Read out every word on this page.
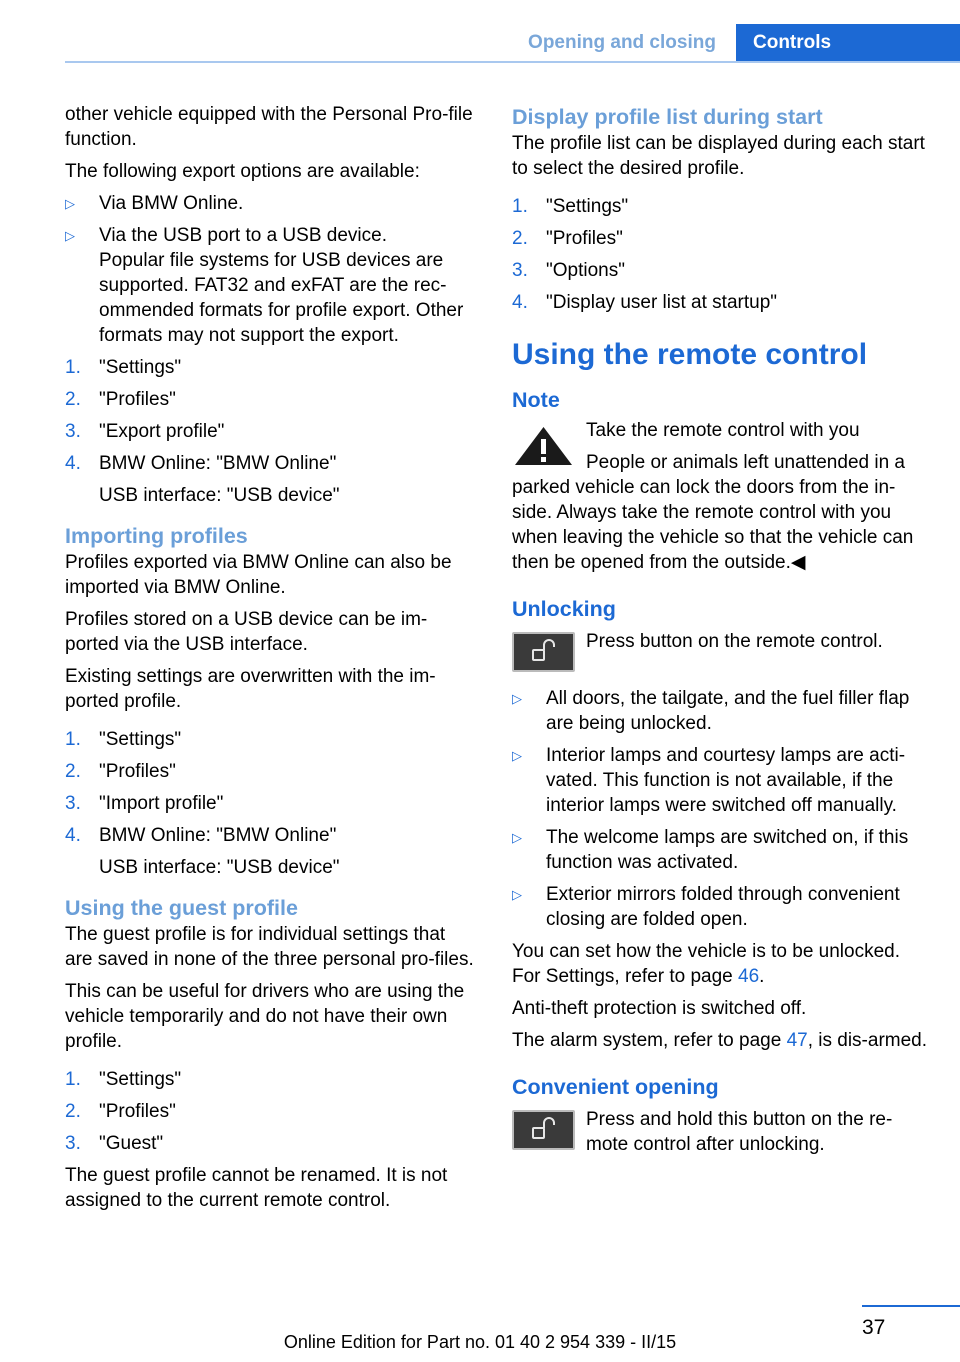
Opening and closing	Controls

other vehicle equipped with the Personal Pro‐file function.

The following export options are available:

▷	Via BMW Online.
▷	Via the USB port to a USB device.
Popular file systems for USB devices are supported. FAT32 and exFAT are the rec‐ommended formats for profile export. Other formats may not support the export.
1. "Settings"
2. "Profiles"
3. "Export profile"
4. BMW Online: "BMW Online"
USB interface: "USB device"
Importing profiles

Profiles exported via BMW Online can also be imported via BMW Online.

Profiles stored on a USB device can be im‐ported via the USB interface.

Existing settings are overwritten with the im‐ported profile.

1. "Settings"
2. "Profiles"
3. "Import profile"
4. BMW Online: "BMW Online"
USB interface: "USB device"
Using the guest profile

The guest profile is for individual settings that are saved in none of the three personal pro‐files.

This can be useful for drivers who are using the vehicle temporarily and do not have their own profile.

1. "Settings"
2. "Profiles"
3. "Guest"

The guest profile cannot be renamed. It is not assigned to the current remote control.

Display profile list during start

The profile list can be displayed during each start to select the desired profile.

1. "Settings"
2. "Profiles"
3. "Options"
4. "Display user list at startup"
Using the remote control
Note
Take the remote control with you
People or animals left unattended in a parked vehicle can lock the doors from the in‐side. Always take the remote control with you when leaving the vehicle so that the vehicle can then be opened from the outside.◀
Unlocking
Press button on the remote control.
▷	All doors, the tailgate, and the fuel filler flap are being unlocked.
▷	Interior lamps and courtesy lamps are acti‐vated. This function is not available, if the interior lamps were switched off manually.
▷	The welcome lamps are switched on, if this function was activated.
▷	Exterior mirrors folded through convenient closing are folded open.

You can set how the vehicle is to be unlocked. For Settings, refer to page 46.

Anti-theft protection is switched off.

The alarm system, refer to page 47, is dis‐armed.

Convenient opening
Press and hold this button on the re‐mote control after unlocking.
37
Online Edition for Part no. 01 40 2 954 339 - II/15
